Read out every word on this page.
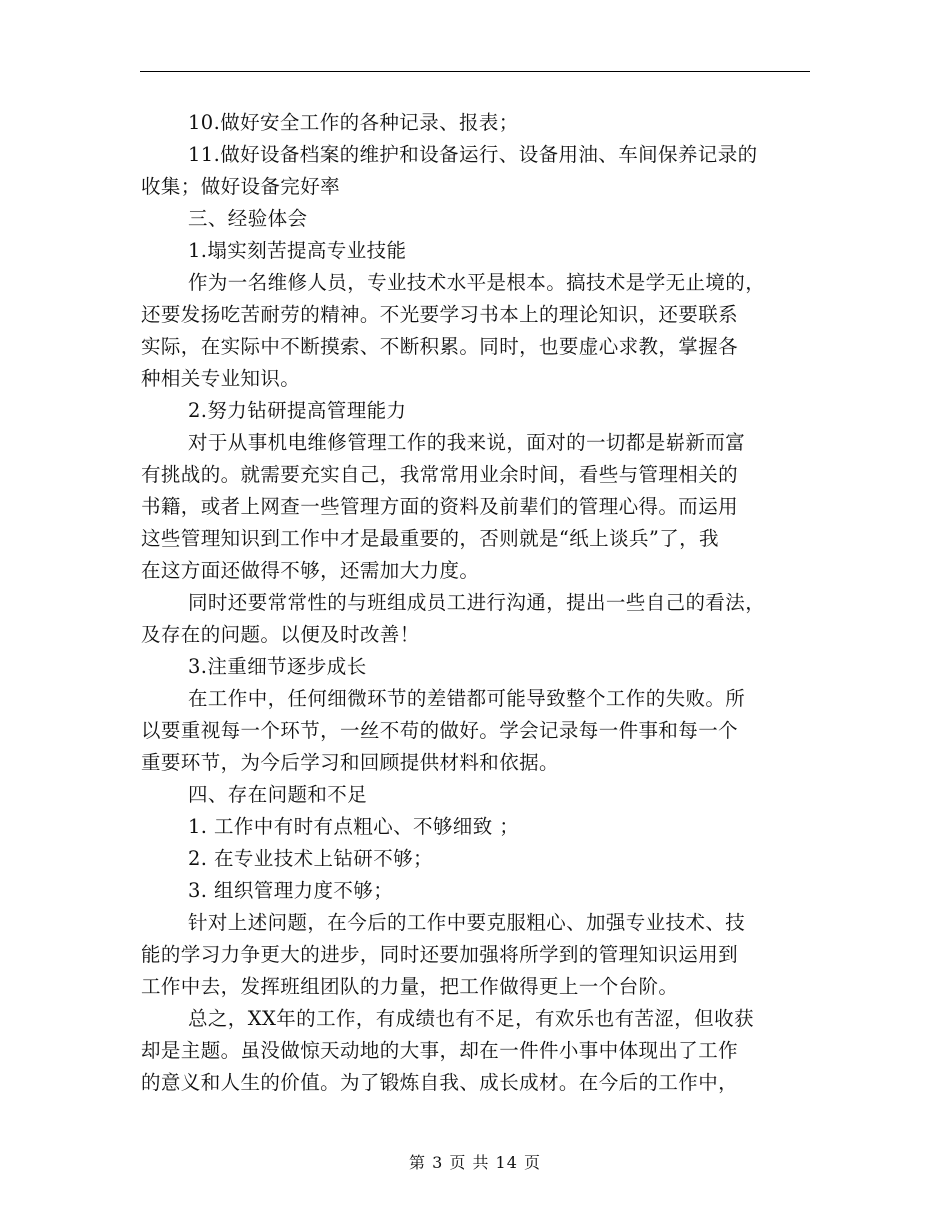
10.做好安全工作的各种记录、报表；
11.做好设备档案的维护和设备运行、设备用油、车间保养记录的
收集；做好设备完好率
三、经验体会
1.塌实刻苦提高专业技能
作为一名维修人员，专业技术水平是根本。搞技术是学无止境的，
还要发扬吃苦耐劳的精神。不光要学习书本上的理论知识，还要联系
实际，在实际中不断摸索、不断积累。同时，也要虚心求教，掌握各
种相关专业知识。
2.努力钻研提高管理能力
对于从事机电维修管理工作的我来说，面对的一切都是崭新而富
有挑战的。就需要充实自己，我常常用业余时间，看些与管理相关的
书籍，或者上网查一些管理方面的资料及前辈们的管理心得。而运用
这些管理知识到工作中才是最重要的，否则就是“纸上谈兵”了，我
在这方面还做得不够，还需加大力度。
同时还要常常性的与班组成员工进行沟通，提出一些自己的看法，
及存在的问题。以便及时改善！
3.注重细节逐步成长
在工作中，任何细微环节的差错都可能导致整个工作的失败。所
以要重视每一个环节，一丝不苟的做好。学会记录每一件事和每一个
重要环节，为今后学习和回顾提供材料和依据。
四、存在问题和不足
1. 工作中有时有点粗心、不够细致 ；
2. 在专业技术上钻研不够；
3. 组织管理力度不够；
针对上述问题，在今后的工作中要克服粗心、加强专业技术、技
能的学习力争更大的进步，同时还要加强将所学到的管理知识运用到
工作中去，发挥班组团队的力量，把工作做得更上一个台阶。
总之，XX年的工作，有成绩也有不足，有欢乐也有苦涩，但收获
却是主题。虽没做惊天动地的大事，却在一件件小事中体现出了工作
的意义和人生的价值。为了锻炼自我、成长成材。在今后的工作中，
第 3 页 共 14 页
